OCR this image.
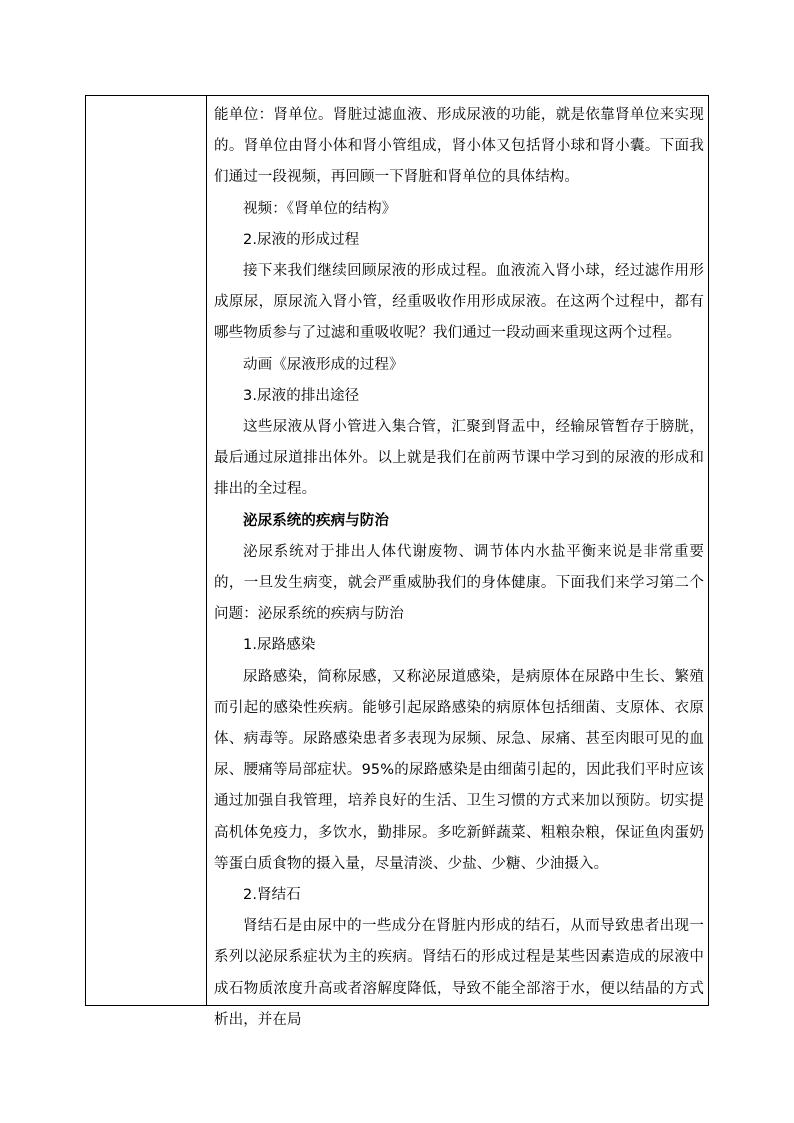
能单位：肾单位。肾脏过滤血液、形成尿液的功能，就是依靠肾单位来实现的。肾单位由肾小体和肾小管组成，肾小体又包括肾小球和肾小囊。下面我们通过一段视频，再回顾一下肾脏和肾单位的具体结构。

视频：《肾单位的结构》

2.尿液的形成过程

接下来我们继续回顾尿液的形成过程。血液流入肾小球，经过滤作用形成原尿，原尿流入肾小管，经重吸收作用形成尿液。在这两个过程中，都有哪些物质参与了过滤和重吸收呢？我们通过一段动画来重现这两个过程。

动画《尿液形成的过程》

3.尿液的排出途径

这些尿液从肾小管进入集合管，汇聚到肾盂中，经输尿管暂存于膀胱，最后通过尿道排出体外。以上就是我们在前两节课中学习到的尿液的形成和排出的全过程。

泌尿系统的疾病与防治

泌尿系统对于排出人体代谢废物、调节体内水盐平衡来说是非常重要的，一旦发生病变，就会严重威胁我们的身体健康。下面我们来学习第二个问题：泌尿系统的疾病与防治

1.尿路感染

尿路感染，简称尿感，又称泌尿道感染，是病原体在尿路中生长、繁殖而引起的感染性疾病。能够引起尿路感染的病原体包括细菌、支原体、衣原体、病毒等。尿路感染患者多表现为尿频、尿急、尿痛、甚至肉眼可见的血尿、腰痛等局部症状。95%的尿路感染是由细菌引起的，因此我们平时应该通过加强自我管理，培养良好的生活、卫生习惯的方式来加以预防。切实提高机体免疫力，多饮水，勤排尿。多吃新鲜蔬菜、粗粮杂粮，保证鱼肉蛋奶等蛋白质食物的摄入量，尽量清淡、少盐、少糖、少油摄入。

2.肾结石

肾结石是由尿中的一些成分在肾脏内形成的结石，从而导致患者出现一系列以泌尿系症状为主的疾病。肾结石的形成过程是某些因素造成的尿液中成石物质浓度升高或者溶解度降低，导致不能全部溶于水，便以结晶的方式析出，并在局
